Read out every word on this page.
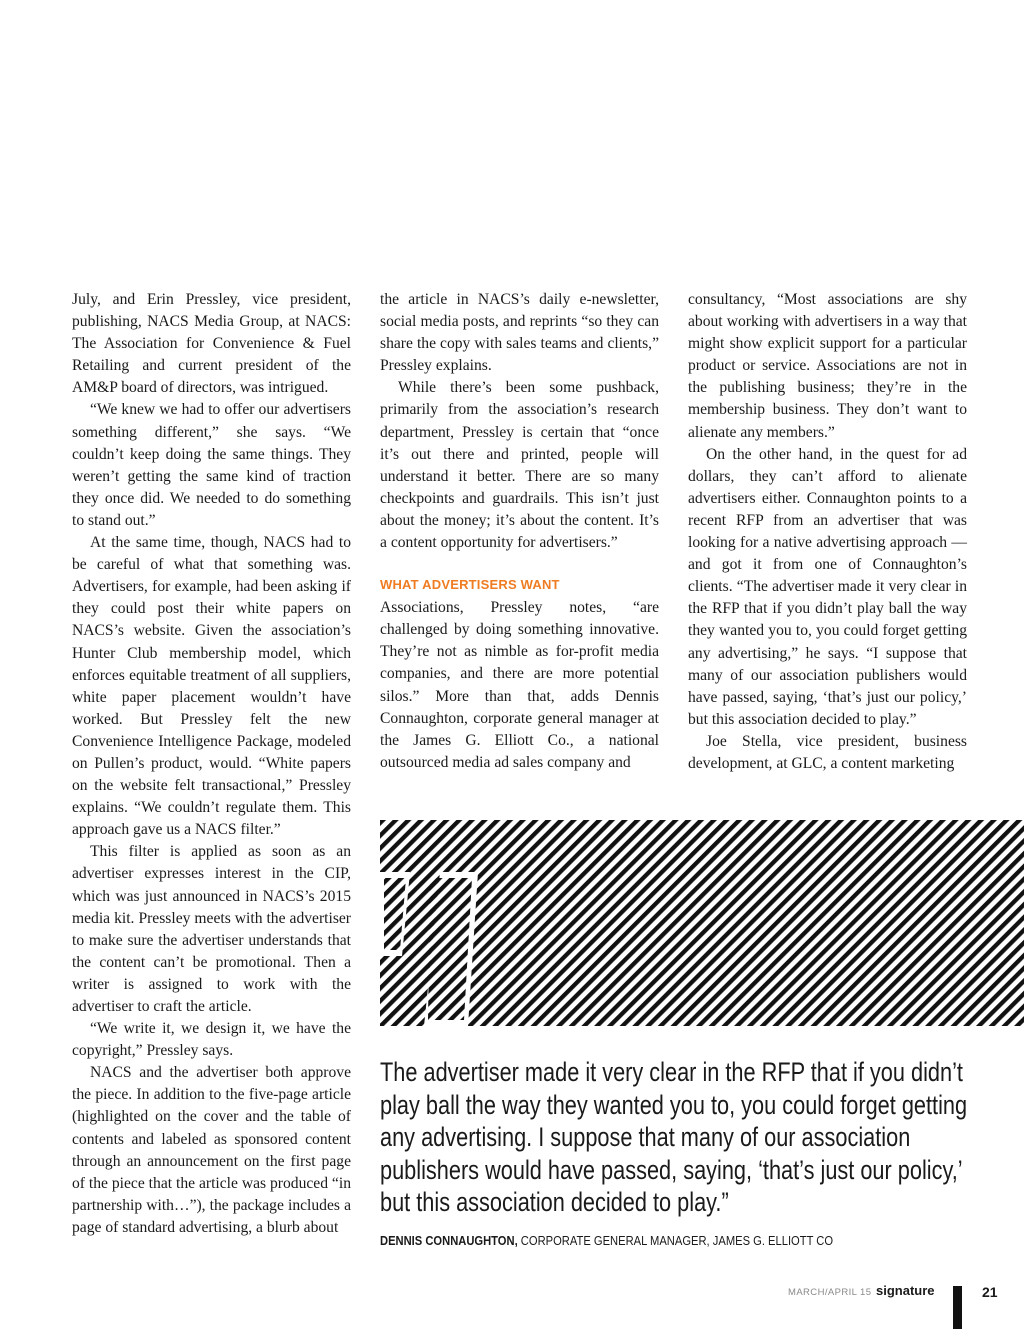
July, and Erin Pressley, vice president, publishing, NACS Media Group, at NACS: The Association for Convenience & Fuel Retailing and current president of the AM&P board of directors, was intrigued.

“We knew we had to offer our advertisers something different,” she says. “We couldn’t keep doing the same things. They weren’t getting the same kind of traction they once did. We needed to do something to stand out.”

At the same time, though, NACS had to be careful of what that something was. Advertisers, for example, had been asking if they could post their white papers on NACS’s website. Given the association’s Hunter Club membership model, which enforces equitable treatment of all suppliers, white paper placement wouldn’t have worked. But Pressley felt the new Convenience Intelligence Package, modeled on Pullen’s product, would. “White papers on the website felt transactional,” Pressley explains. “We couldn’t regulate them. This approach gave us a NACS filter.”

This filter is applied as soon as an advertiser expresses interest in the CIP, which was just announced in NACS’s 2015 media kit. Pressley meets with the advertiser to make sure the advertiser understands that the content can’t be promotional. Then a writer is assigned to work with the advertiser to craft the article.

“We write it, we design it, we have the copyright,” Pressley says.

NACS and the advertiser both approve the piece. In addition to the five-page article (highlighted on the cover and the table of contents and labeled as sponsored content through an announcement on the first page of the piece that the article was produced “in partnership with…”), the package includes a page of standard advertising, a blurb about

the article in NACS’s daily e-newsletter, social media posts, and reprints “so they can share the copy with sales teams and clients,” Pressley explains.

While there’s been some pushback, primarily from the association’s research department, Pressley is certain that “once it’s out there and printed, people will understand it better. There are so many checkpoints and guardrails. This isn’t just about the money; it’s about the content. It’s a content opportunity for advertisers.”

WHAT ADVERTISERS WANT

Associations, Pressley notes, “are challenged by doing something innovative. They’re not as nimble as for-profit media companies, and there are more potential silos.” More than that, adds Dennis Connaughton, corporate general manager at the James G. Elliott Co., a national outsourced media ad sales company and

consultancy, “Most associations are shy about working with advertisers in a way that might show explicit support for a particular product or service. Associations are not in the publishing business; they’re in the membership business. They don’t want to alienate any members.”

On the other hand, in the quest for ad dollars, they can’t afford to alienate advertisers either. Connaughton points to a recent RFP from an advertiser that was looking for a native advertising approach — and got it from one of Connaughton’s clients. “The advertiser made it very clear in the RFP that if you didn’t play ball the way they wanted you to, you could forget getting any advertising,” he says. “I suppose that many of our association publishers would have passed, saying, ‘that’s just our policy,’ but this association decided to play.”

Joe Stella, vice president, business development, at GLC, a content marketing

The advertiser made it very clear in the RFP that if you didn’t play ball the way they wanted you to, you could forget getting any advertising. I suppose that many of our association publishers would have passed, saying, ‘that’s just our policy,’ but this association decided to play.”

DENNIS CONNAUGHTON, CORPORATE GENERAL MANAGER, JAMES G. ELLIOTT CO
MARCH/APRIL 15 signature	21
